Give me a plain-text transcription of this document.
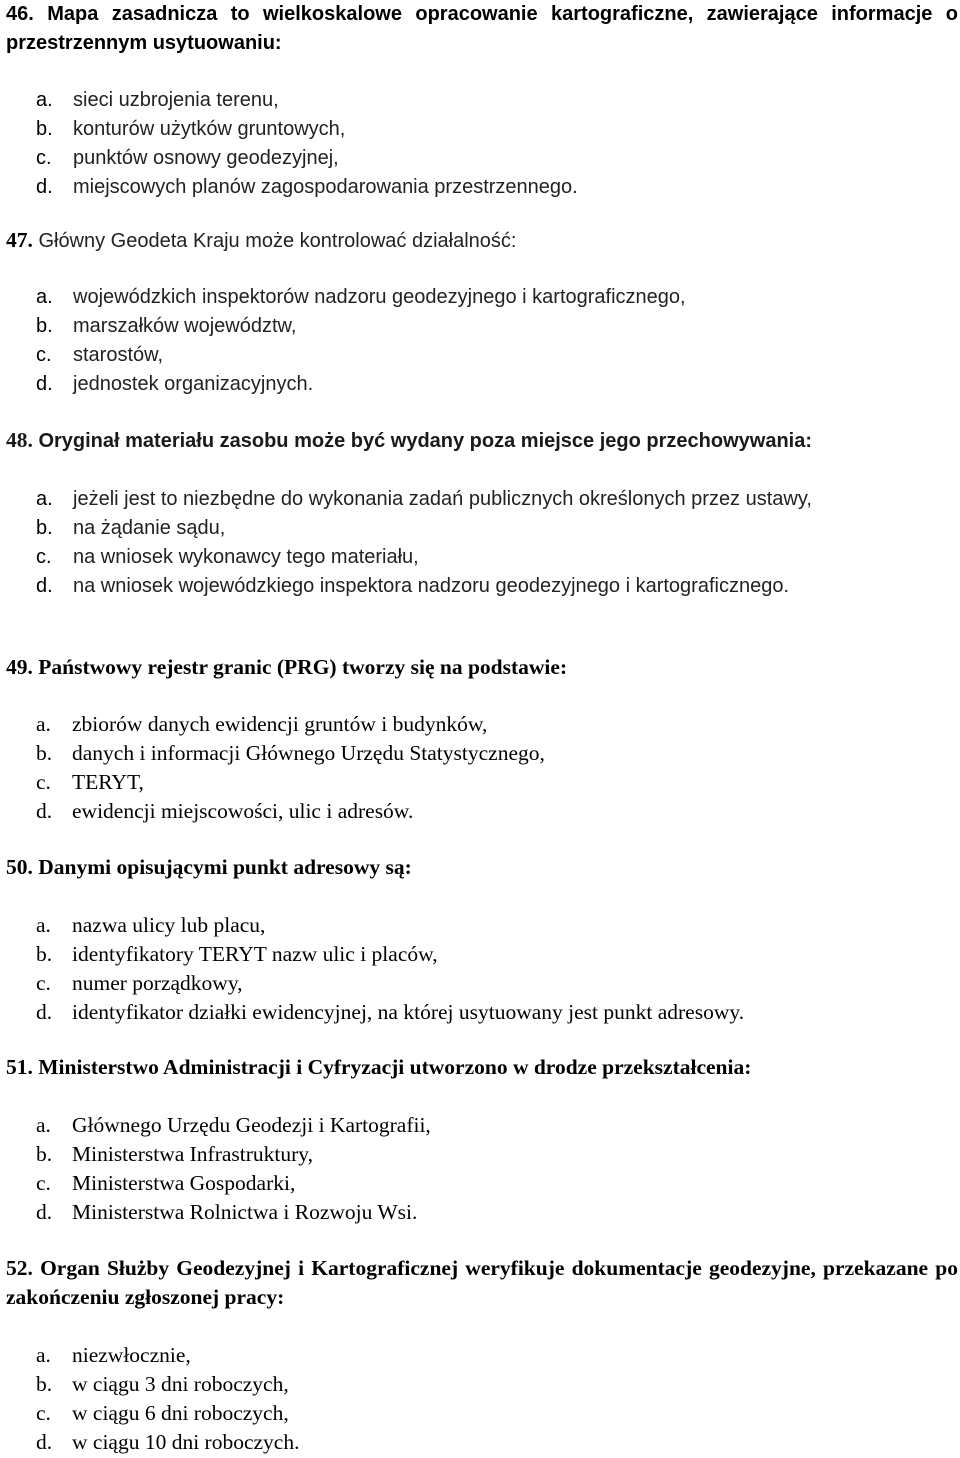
46. Mapa zasadnicza to wielkoskalowe opracowanie kartograficzne, zawierające informacje o przestrzennym usytuowaniu:
a.	sieci uzbrojenia terenu,
b.	konturów użytków gruntowych,
c.	punktów osnowy geodezyjnej,
d.	miejscowych planów zagospodarowania przestrzennego.
47. Główny Geodeta Kraju może kontrolować działalność:
a.	wojewódzkich inspektorów nadzoru geodezyjnego i kartograficznego,
b.	marszałków województw,
c.	starostów,
d.	jednostek organizacyjnych.
48. Oryginał materiału zasobu może być wydany poza miejsce jego przechowywania:
a.	jeżeli jest to niezbędne do wykonania zadań publicznych określonych przez ustawy,
b.	na żądanie sądu,
c.	na wniosek wykonawcy tego materiału,
d.	na wniosek wojewódzkiego inspektora nadzoru geodezyjnego i kartograficznego.
49. Państwowy rejestr granic (PRG) tworzy się na podstawie:
a. zbiorów danych ewidencji gruntów i budynków,
b. danych i informacji Głównego Urzędu Statystycznego,
c. TERYT,
d. ewidencji miejscowości, ulic i adresów.
50. Danymi opisującymi punkt adresowy są:
a. nazwa ulicy lub placu,
b. identyfikatory TERYT nazw ulic i placów,
c. numer porządkowy,
d. identyfikator działki ewidencyjnej, na której usytuowany jest punkt adresowy.
51. Ministerstwo Administracji i Cyfryzacji utworzono w drodze przekształcenia:
a. Głównego Urzędu Geodezji i Kartografii,
b. Ministerstwa Infrastruktury,
c. Ministerstwa Gospodarki,
d. Ministerstwa Rolnictwa i Rozwoju Wsi.
52. Organ Służby Geodezyjnej i Kartograficznej weryfikuje dokumentacje geodezyjne, przekazane po zakończeniu zgłoszonej pracy:
a. niezwłocznie,
b. w ciągu 3 dni roboczych,
c. w ciągu 6 dni roboczych,
d. w ciągu 10 dni roboczych.
